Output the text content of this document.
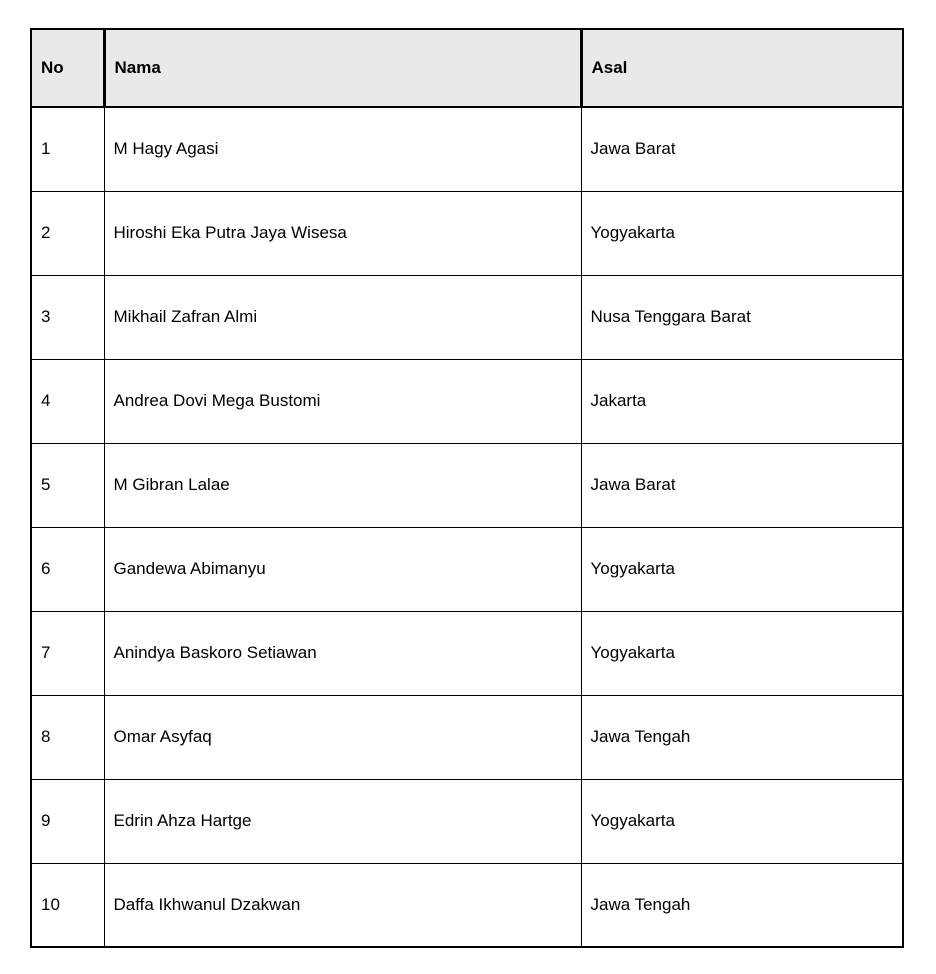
No	Nama	Asal
1	M Hagy Agasi	Jawa Barat
2	Hiroshi Eka Putra Jaya Wisesa	Yogyakarta
3	Mikhail Zafran Almi	Nusa Tenggara Barat
4	Andrea Dovi Mega Bustomi	Jakarta
5	M Gibran Lalae	Jawa Barat
6	Gandewa Abimanyu	Yogyakarta
7	Anindya Baskoro Setiawan	Yogyakarta
8	Omar Asyfaq	Jawa Tengah
9	Edrin Ahza Hartge	Yogyakarta
10	Daffa Ikhwanul Dzakwan	Jawa Tengah
